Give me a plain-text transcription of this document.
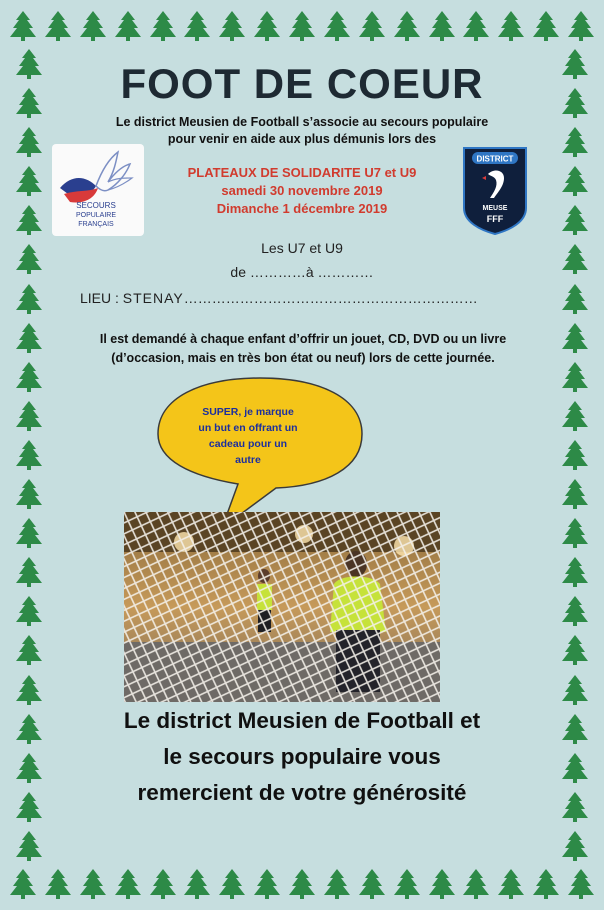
FOOT DE COEUR
Le district Meusien de Football s’associe au secours populaire
pour venir en aide aux plus démunis lors des
SECOURS
POPULAIRE
FRANÇAIS
PLATEAUX DE SOLIDARITE U7 et U9
samedi 30 novembre 2019
Dimanche 1 décembre 2019
DISTRICT
MEUSE
FFF
Les U7 et U9
de …………à …………
LIEU : STENAY………………………………………………………
Il est demandé à chaque enfant d’offrir un jouet, CD, DVD ou un livre
(d’occasion, mais en très bon état ou neuf) lors de cette journée.
SUPER, je marque
un but en offrant un
cadeau pour un
autre
Le district Meusien de Football et
le secours populaire vous
remercient de votre générosité
